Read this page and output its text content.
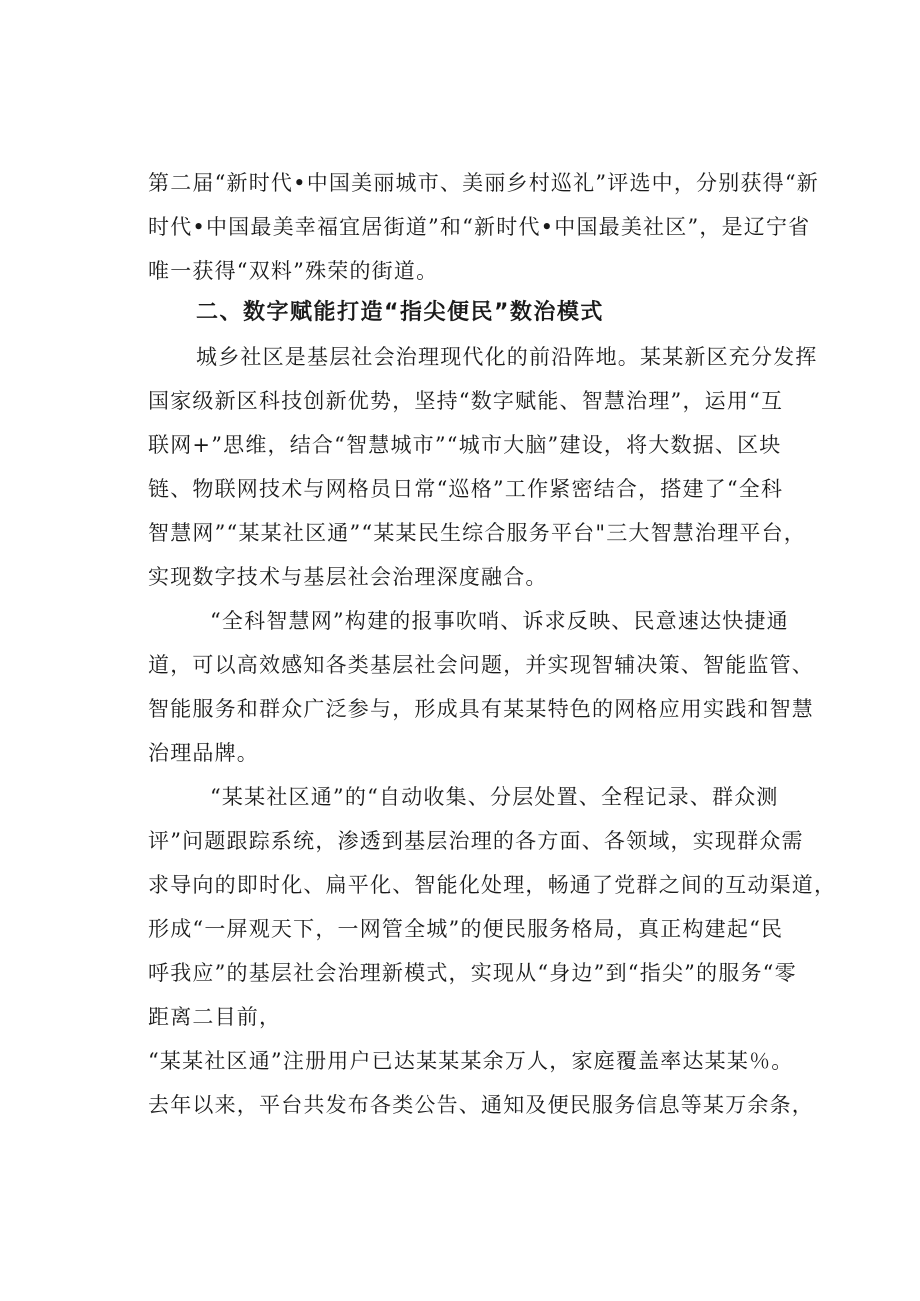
第二届“新时代•中国美丽城市、美丽乡村巡礼”评选中，分别获得“新
时代•中国最美幸福宜居街道”和“新时代•中国最美社区”，是辽宁省
唯一获得“双料”殊荣的街道。
二、数字赋能打造“指尖便民”数治模式
城乡社区是基层社会治理现代化的前沿阵地。某某新区充分发挥
国家级新区科技创新优势，坚持“数字赋能、智慧治理”，运用“互
联网+”思维，结合“智慧城市”“城市大脑”建设，将大数据、区块
链、物联网技术与网格员日常“巡格”工作紧密结合，搭建了“全科
智慧网”“某某社区通”“某某民生综合服务平台"三大智慧治理平台，
实现数字技术与基层社会治理深度融合。
“全科智慧网”构建的报事吹哨、诉求反映、民意速达快捷通
道，可以高效感知各类基层社会问题，并实现智辅决策、智能监管、
智能服务和群众广泛参与，形成具有某某特色的网格应用实践和智慧
治理品牌。
“某某社区通”的“自动收集、分层处置、全程记录、群众测
评”问题跟踪系统，渗透到基层治理的各方面、各领域，实现群众需
求导向的即时化、扁平化、智能化处理，畅通了党群之间的互动渠道，
形成“一屏观天下，一网管全城”的便民服务格局，真正构建起“民
呼我应”的基层社会治理新模式，实现从“身边”到“指尖”的服务“零
距离二目前，
“某某社区通”注册用户已达某某某余万人，家庭覆盖率达某某％。
去年以来，平台共发布各类公告、通知及便民服务信息等某万余条，
